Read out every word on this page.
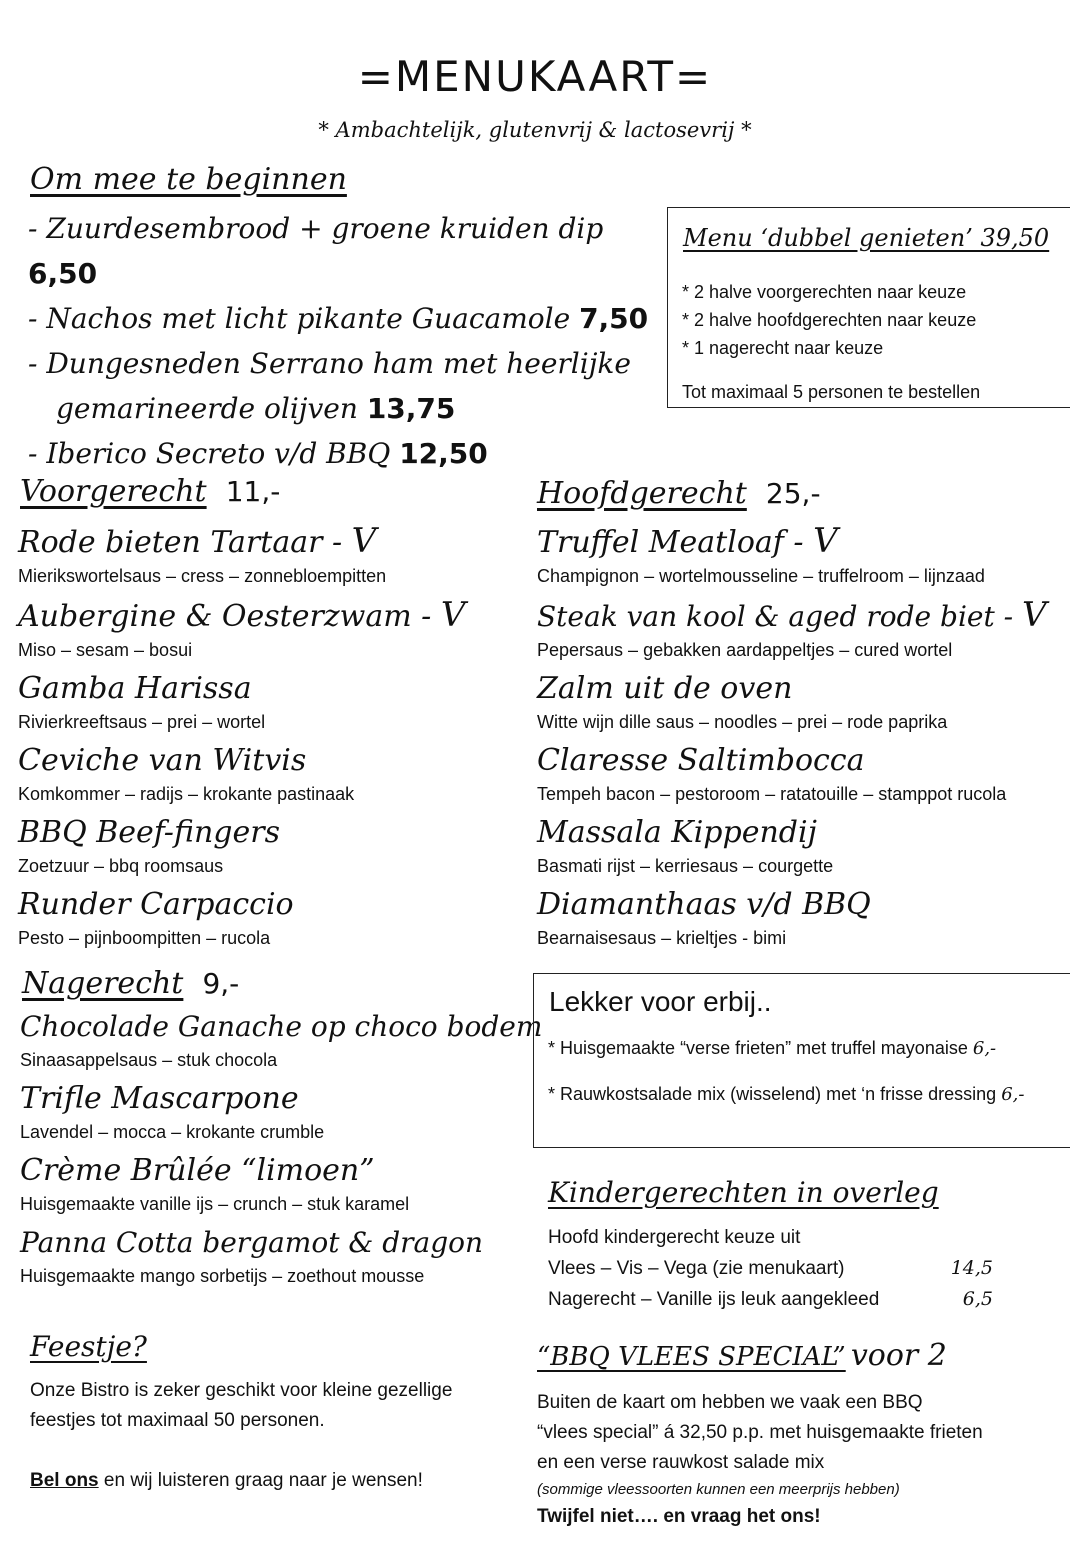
=MENUKAART=
* Ambachtelijk, glutenvrij & lactosevrij *
Om mee te beginnen
- Zuurdesembrood + groene kruiden dip 6,50
- Nachos met licht pikante Guacamole 7,50
- Dungesneden Serrano ham met heerlijke
gemarineerde olijven 13,75
- Iberico Secreto v/d BBQ 12,50
Menu ‘dubbel genieten’ 39,50
* 2 halve voorgerechten naar keuze
* 2 halve hoofdgerechten naar keuze
* 1 nagerecht naar keuze
Tot maximaal 5 personen te bestellen
Voorgerecht 11,-
Rode bieten Tartaar - V
Mierikswortelsaus – cress – zonnebloempitten
Aubergine & Oesterzwam - V
Miso – sesam – bosui
Gamba Harissa
Rivierkreeftsaus – prei – wortel
Ceviche van Witvis
Komkommer – radijs – krokante pastinaak
BBQ Beef-fingers
Zoetzuur – bbq roomsaus
Runder Carpaccio
Pesto – pijnboompitten – rucola
Hoofdgerecht 25,-
Truffel Meatloaf - V
Champignon – wortelmousseline – truffelroom – lijnzaad
Steak van kool & aged rode biet - V
Pepersaus – gebakken aardappeltjes – cured wortel
Zalm uit de oven
Witte wijn dille saus – noodles – prei – rode paprika
Claresse Saltimbocca
Tempeh bacon – pestoroom – ratatouille – stamppot rucola
Massala Kippendij
Basmati rijst – kerriesaus – courgette
Diamanthaas v/d BBQ
Bearnaisesaus – krieltjes - bimi
Nagerecht 9,-
Chocolade Ganache op choco bodem
Sinaasappelsaus – stuk chocola
Trifle Mascarpone
Lavendel – mocca – krokante crumble
Crème Brûlée “limoen”
Huisgemaakte vanille ijs – crunch – stuk karamel
Panna Cotta bergamot & dragon
Huisgemaakte mango sorbetijs – zoethout mousse
Lekker voor erbij..
* Huisgemaakte “verse frieten” met truffel mayonaise 6,-
* Rauwkostsalade mix (wisselend) met ‘n frisse dressing 6,-
Kindergerechten in overleg
Hoofd kindergerecht keuze uit
Vlees – Vis – Vega (zie menukaart)	14,5
Nagerecht – Vanille ijs leuk aangekleed	6,5
Feestje?
Onze Bistro is zeker geschikt voor kleine gezellige
feestjes tot maximaal 50 personen.
Bel ons en wij luisteren graag naar je wensen!
“BBQ VLEES SPECIAL” voor 2
Buiten de kaart om hebben we vaak een BBQ
“vlees special” á 32,50 p.p. met huisgemaakte frieten
en een verse rauwkost salade mix
(sommige vleessoorten kunnen een meerprijs hebben)
Twijfel niet…. en vraag het ons!
